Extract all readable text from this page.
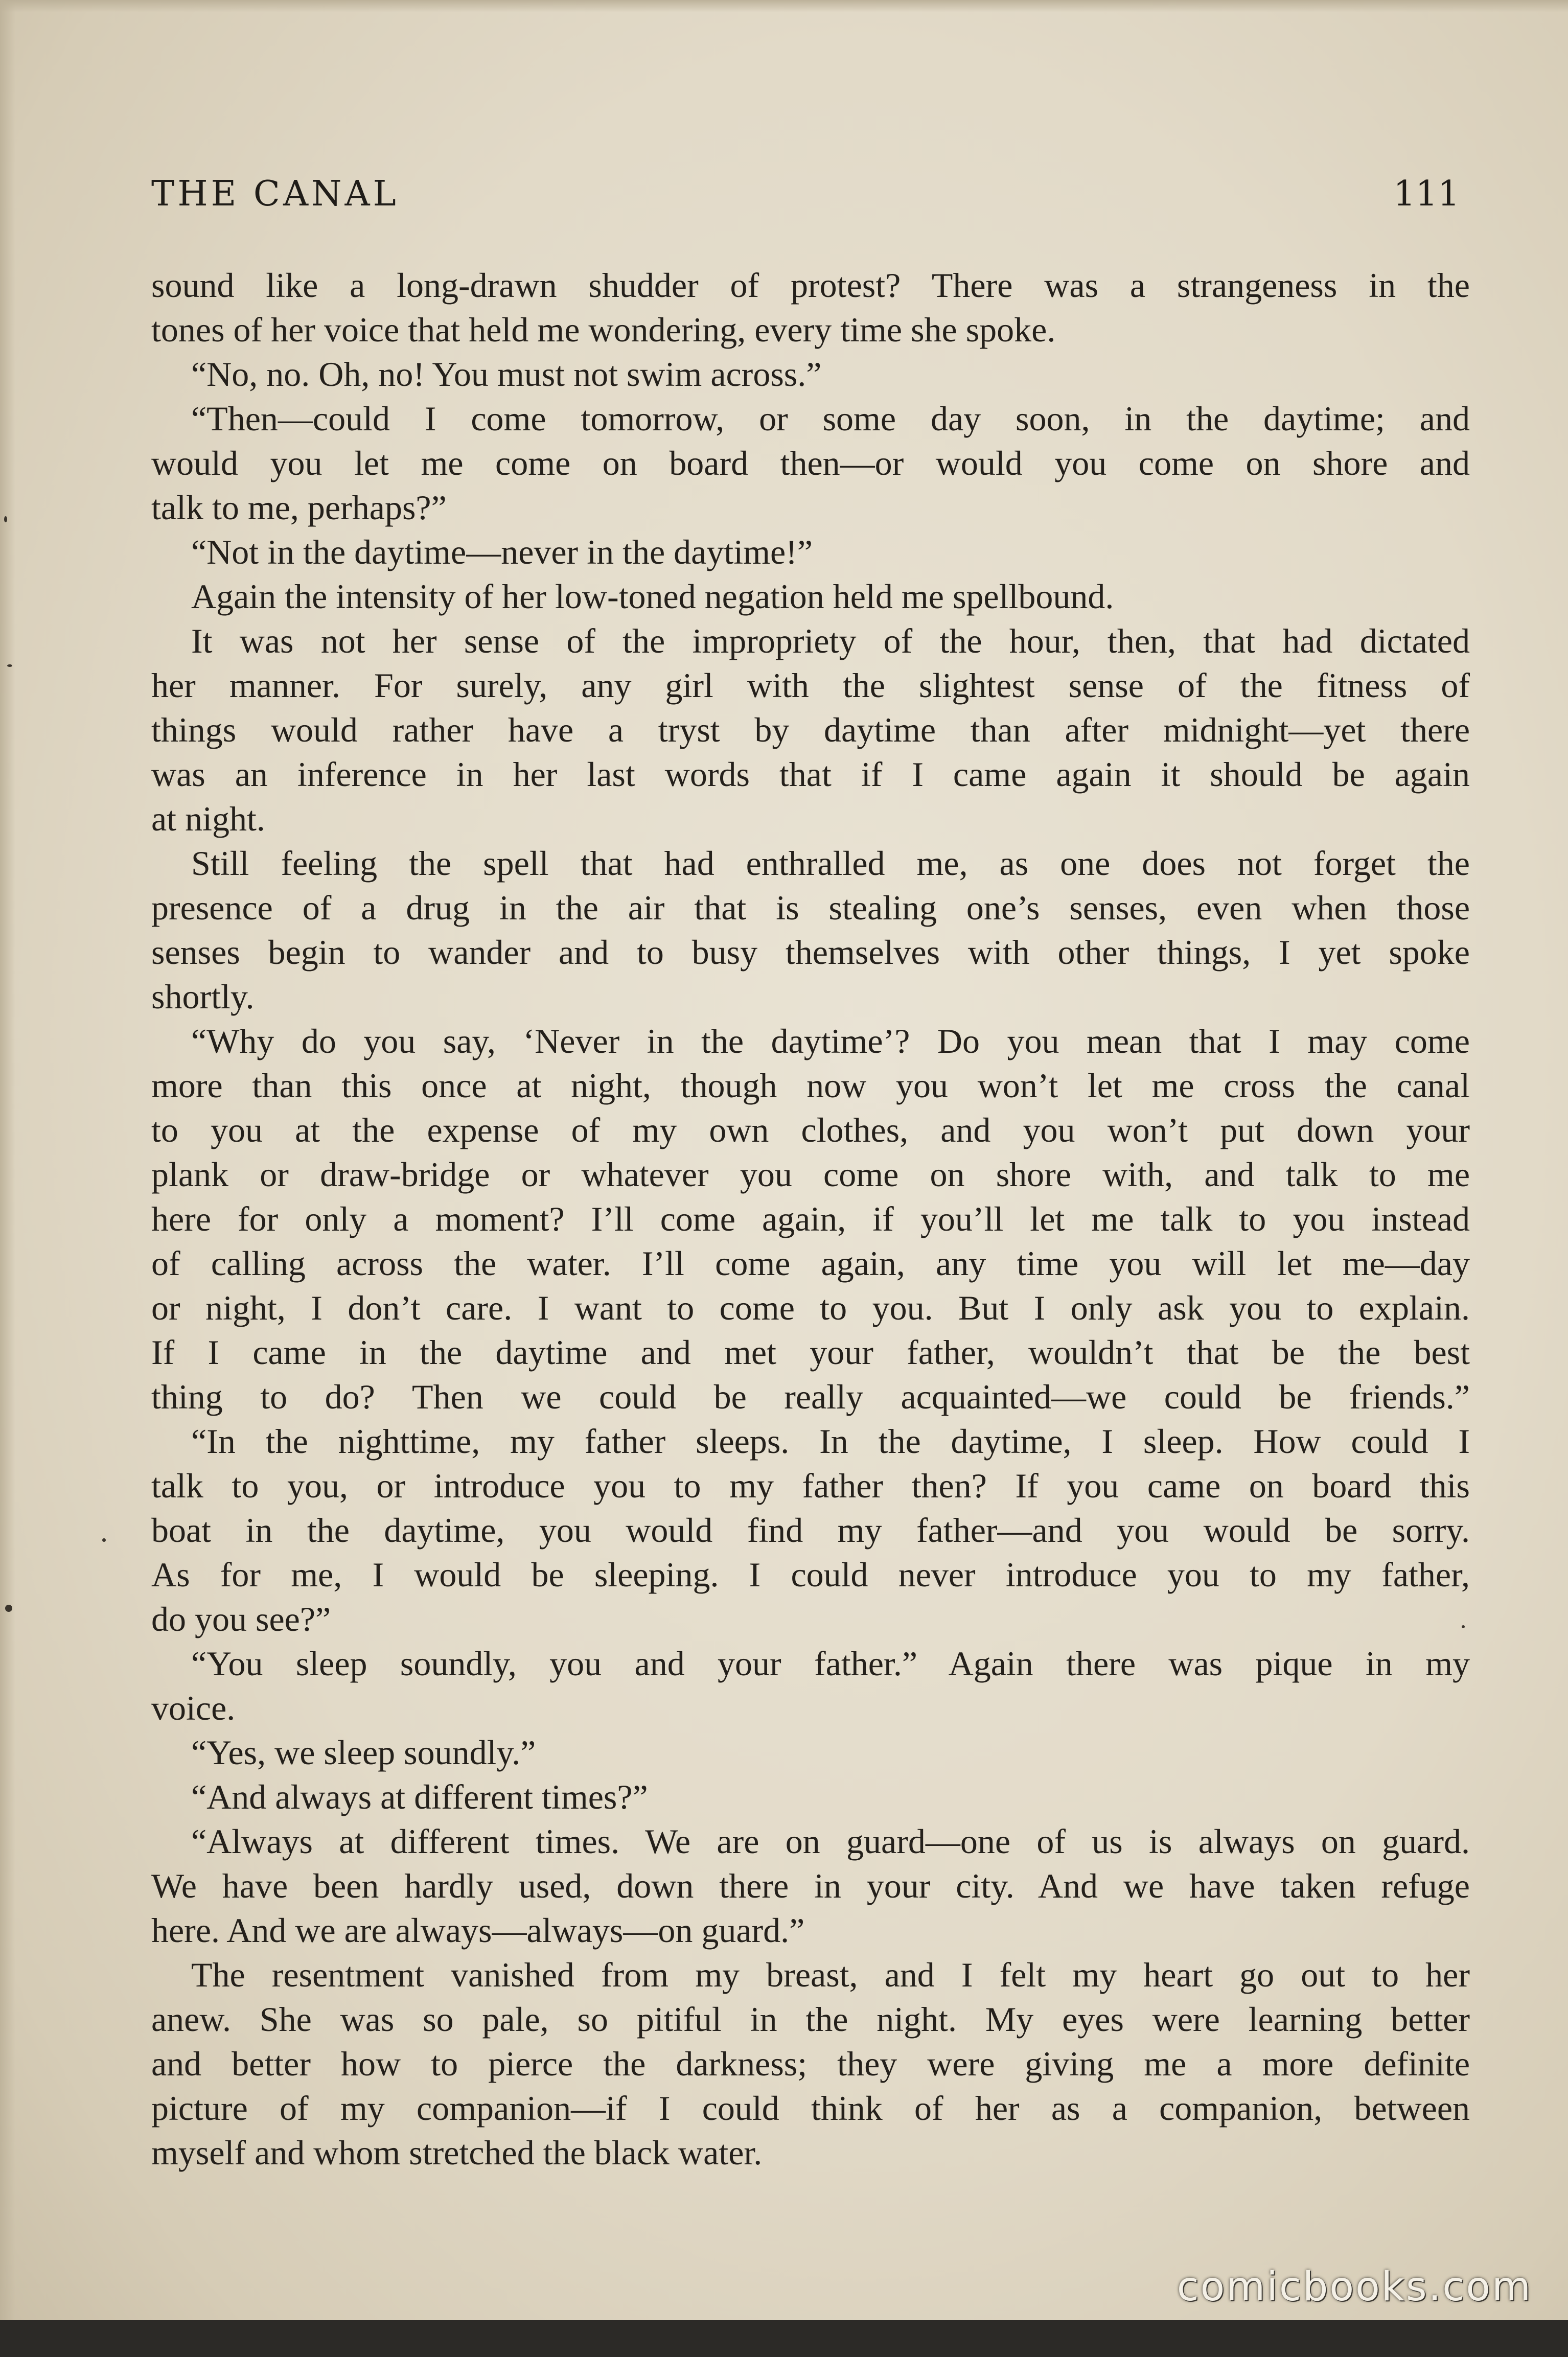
THE CANAL	111
sound like a long-drawn shudder of protest? There was a strangeness in the
tones of her voice that held me wondering, every time she spoke.
“No, no. Oh, no! You must not swim across.”
“Then—could I come tomorrow, or some day soon, in the daytime; and
would you let me come on board then—or would you come on shore and
talk to me, perhaps?”
“Not in the daytime—never in the daytime!”
Again the intensity of her low-toned negation held me spellbound.
It was not her sense of the impropriety of the hour, then, that had dictated
her manner. For surely, any girl with the slightest sense of the fitness of
things would rather have a tryst by daytime than after midnight—yet there
was an inference in her last words that if I came again it should be again
at night.
Still feeling the spell that had enthralled me, as one does not forget the
presence of a drug in the air that is stealing one’s senses, even when those
senses begin to wander and to busy themselves with other things, I yet spoke
shortly.
“Why do you say, ‘Never in the daytime’? Do you mean that I may come
more than this once at night, though now you won’t let me cross the canal
to you at the expense of my own clothes, and you won’t put down your
plank or draw-bridge or whatever you come on shore with, and talk to me
here for only a moment? I’ll come again, if you’ll let me talk to you instead
of calling across the water. I’ll come again, any time you will let me—day
or night, I don’t care. I want to come to you. But I only ask you to explain.
If I came in the daytime and met your father, wouldn’t that be the best
thing to do? Then we could be really acquainted—we could be friends.”
“In the nighttime, my father sleeps. In the daytime, I sleep. How could I
talk to you, or introduce you to my father then? If you came on board this
boat in the daytime, you would find my father—and you would be sorry.
As for me, I would be sleeping. I could never introduce you to my father,
do you see?”
“You sleep soundly, you and your father.” Again there was pique in my
voice.
“Yes, we sleep soundly.”
“And always at different times?”
“Always at different times. We are on guard—one of us is always on guard.
We have been hardly used, down there in your city. And we have taken refuge
here. And we are always—always—on guard.”
The resentment vanished from my breast, and I felt my heart go out to her
anew. She was so pale, so pitiful in the night. My eyes were learning better
and better how to pierce the darkness; they were giving me a more definite
picture of my companion—if I could think of her as a companion, between
myself and whom stretched the black water.
comicbooks.com
